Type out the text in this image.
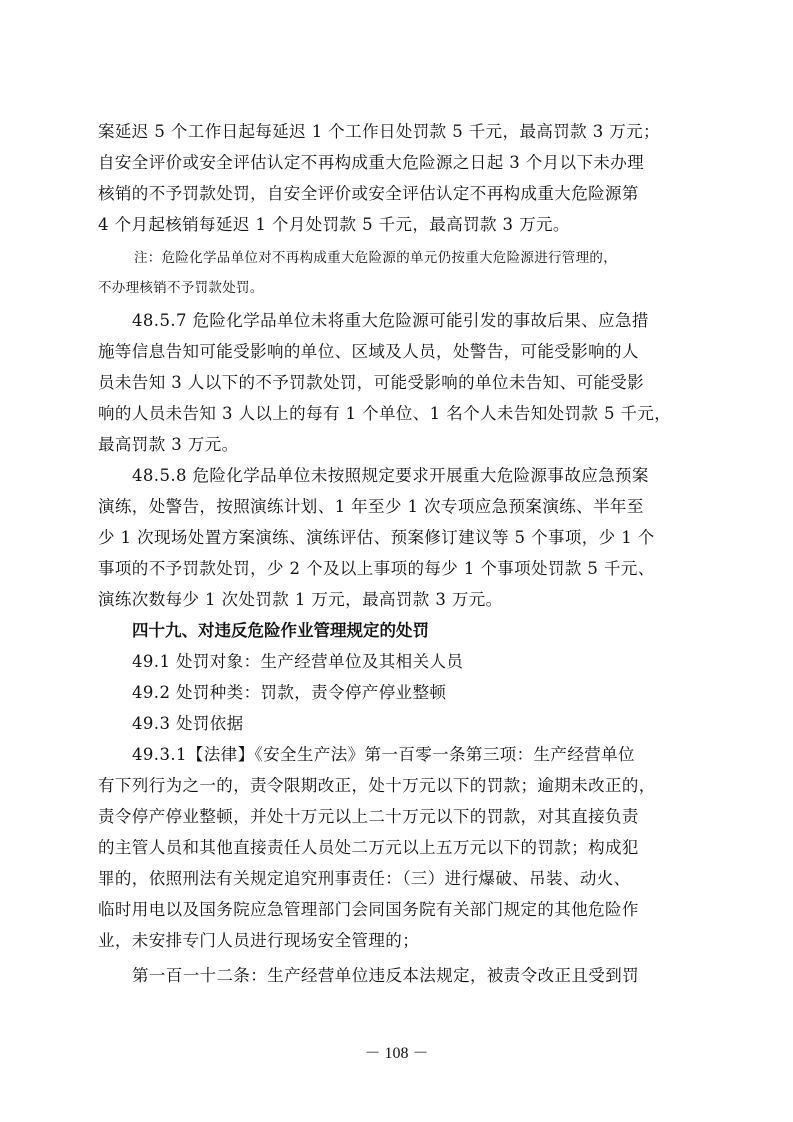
案延迟 5 个工作日起每延迟 1 个工作日处罚款 5 千元，最高罚款 3 万元；
自安全评价或安全评估认定不再构成重大危险源之日起 3 个月以下未办理
核销的不予罚款处罚，自安全评价或安全评估认定不再构成重大危险源第
4 个月起核销每延迟 1 个月处罚款 5 千元，最高罚款 3 万元。
注：危险化学品单位对不再构成重大危险源的单元仍按重大危险源进行管理的，
不办理核销不予罚款处罚。
48.5.7 危险化学品单位未将重大危险源可能引发的事故后果、应急措
施等信息告知可能受影响的单位、区域及人员，处警告，可能受影响的人
员未告知 3 人以下的不予罚款处罚，可能受影响的单位未告知、可能受影
响的人员未告知 3 人以上的每有 1 个单位、1 名个人未告知处罚款 5 千元，
最高罚款 3 万元。
48.5.8 危险化学品单位未按照规定要求开展重大危险源事故应急预案
演练，处警告，按照演练计划、1 年至少 1 次专项应急预案演练、半年至
少 1 次现场处置方案演练、演练评估、预案修订建议等 5 个事项，少 1 个
事项的不予罚款处罚，少 2 个及以上事项的每少 1 个事项处罚款 5 千元、
演练次数每少 1 次处罚款 1 万元，最高罚款 3 万元。
四十九、对违反危险作业管理规定的处罚
49.1 处罚对象：生产经营单位及其相关人员
49.2 处罚种类：罚款，责令停产停业整顿
49.3 处罚依据
49.3.1【法律】《安全生产法》第一百零一条第三项：生产经营单位
有下列行为之一的，责令限期改正，处十万元以下的罚款；逾期未改正的，
责令停产停业整顿，并处十万元以上二十万元以下的罚款，对其直接负责
的主管人员和其他直接责任人员处二万元以上五万元以下的罚款；构成犯
罪的，依照刑法有关规定追究刑事责任：（三）进行爆破、吊装、动火、
临时用电以及国务院应急管理部门会同国务院有关部门规定的其他危险作
业，未安排专门人员进行现场安全管理的；
第一百一十二条：生产经营单位违反本法规定，被责令改正且受到罚
－ 108 －
